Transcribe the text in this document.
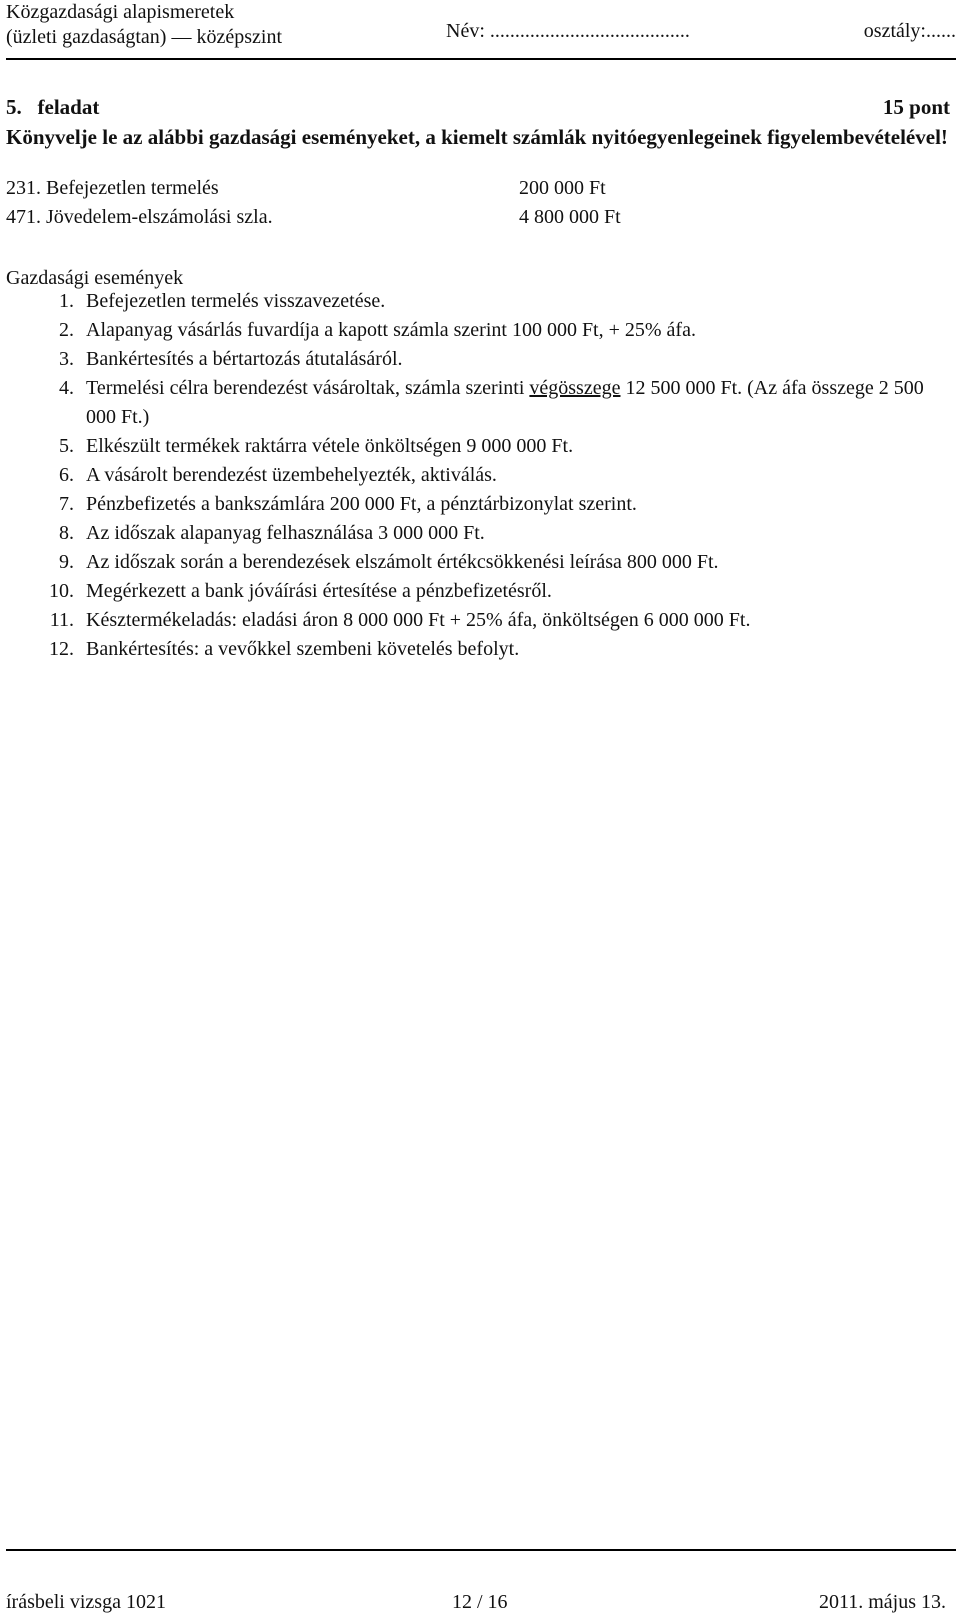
Közgazdasági alapismeretek
(üzleti gazdaságtan) — középszint	Név: ........................................	osztály:......
5.   feladat	15 pont
Könyvelje le az alábbi gazdasági eseményeket, a kiemelt számlák nyitóegyenlegeinek figyelembevételével!
231. Befejezetlen termelés	200 000 Ft
471. Jövedelem-elszámolási szla.	4 800 000 Ft
Gazdasági események
1. Befejezetlen termelés visszavezetése.
2. Alapanyag vásárlás fuvardíja a kapott számla szerint 100 000 Ft, + 25% áfa.
3. Bankértesítés a bértartozás átutalásáról.
4. Termelési célra berendezést vásároltak, számla szerinti végösszege 12 500 000 Ft. (Az áfa összege 2 500 000 Ft.)
5. Elkészült termékek raktárra vétele önköltségen 9 000 000 Ft.
6. A vásárolt berendezést üzembehelyezték, aktiválás.
7. Pénzbefizetés a bankszámlára 200 000 Ft, a pénztárbizonylat szerint.
8. Az időszak alapanyag felhasználása 3 000 000 Ft.
9. Az időszak során a berendezések elszámolt értékcsökkenési leírása 800 000 Ft.
10. Megérkezett a bank jóváírási értesítése a pénzbefizetésről.
11. Késztermékeladás: eladási áron 8 000 000 Ft + 25% áfa, önköltségen 6 000 000 Ft.
12. Bankértesítés: a vevőkkel szembeni követelés befolyt.
írásbeli vizsga 1021	12 / 16	2011. május 13.
